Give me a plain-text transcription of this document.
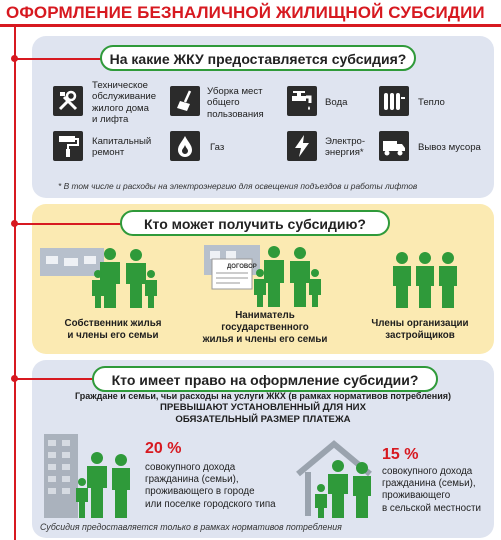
ОФОРМЛЕНИЕ БЕЗНАЛИЧНОЙ ЖИЛИЩНОЙ СУБСИДИИ
На какие ЖКУ предоставляется субсидия?
Техническое
обслуживание
жилого дома
и лифта
Уборка мест
общего
пользования
Вода	Тепло
Капитальный
ремонт	Газ
Электро-
энергия*	Вывоз мусора
* В том числе и расходы на электроэнергию для освещения подъездов и работы лифтов
Кто может получить субсидию?
Собственник жилья
и члены его семьи
ДОГОВОР
Наниматель
государственного
жилья и члены его семьи
Члены организации
застройщиков
Кто имеет право на оформление субсидии?
Граждане и семьи, чьи расходы на услуги ЖКХ (в рамках нормативов потребления)
ПРЕВЫШАЮТ УСТАНОВЛЕННЫЙ ДЛЯ НИХ
ОБЯЗАТЕЛЬНЫЙ РАЗМЕР ПЛАТЕЖА
20 %
совокупного дохода
гражданина (семьи),
проживающего в городе
или поселке городского типа
15 %
совокупного дохода
гражданина (семьи),
проживающего
в сельской местности
Субсидия предоставляется только в рамках нормативов потребления
